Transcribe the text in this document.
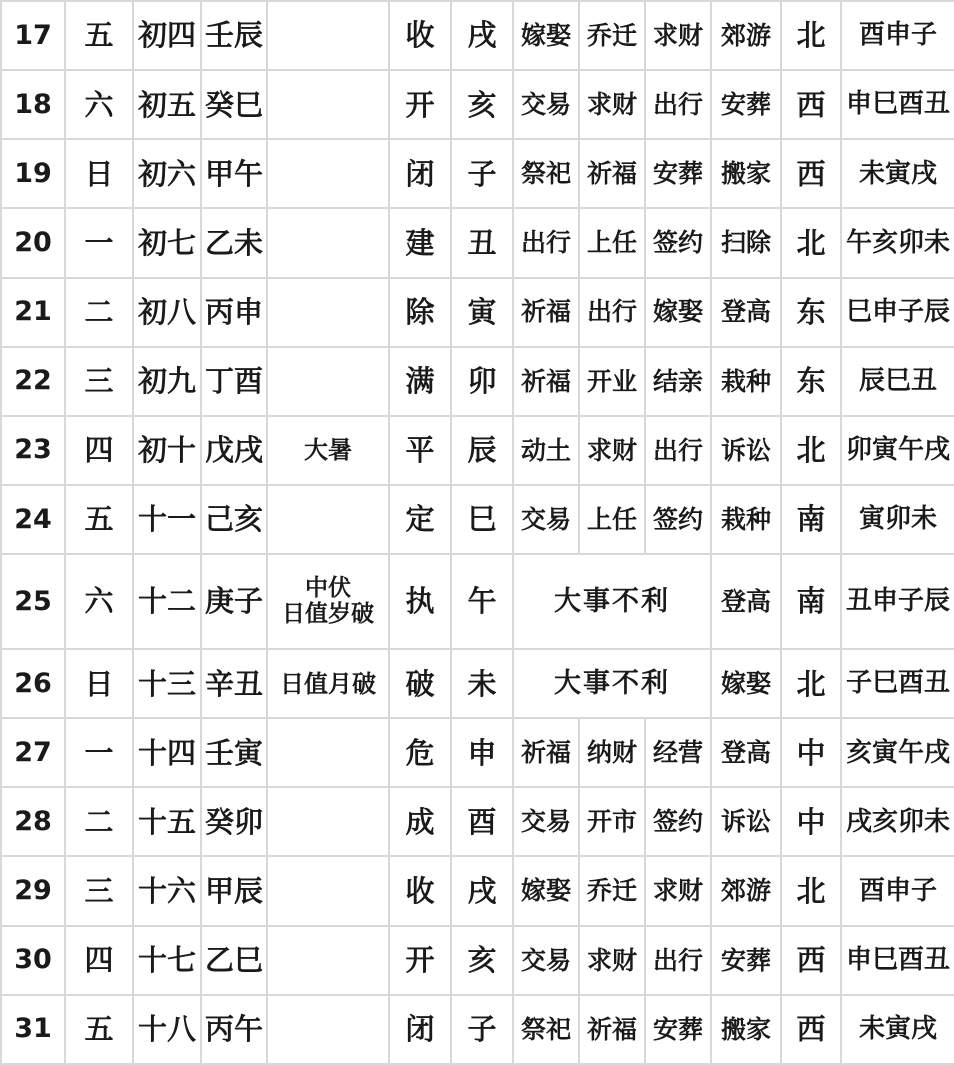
17	五	初四	壬辰		收	戌	嫁娶	乔迁	求财	郊游	北	酉申子
18	六	初五	癸巳		开	亥	交易	求财	出行	安葬	西	申巳酉丑
19	日	初六	甲午		闭	子	祭祀	祈福	安葬	搬家	西	未寅戌
20	一	初七	乙未		建	丑	出行	上任	签约	扫除	北	午亥卯未
21	二	初八	丙申		除	寅	祈福	出行	嫁娶	登高	东	巳申子辰
22	三	初九	丁酉		满	卯	祈福	开业	结亲	栽种	东	辰巳丑
23	四	初十	戊戌	大暑	平	辰	动土	求财	出行	诉讼	北	卯寅午戌
24	五	十一	己亥		定	巳	交易	上任	签约	栽种	南	寅卯未
25	六	十二	庚子	中伏
日值岁破	执	午	大事不利			登高	南	丑申子辰
26	日	十三	辛丑	日值月破	破	未	大事不利			嫁娶	北	子巳酉丑
27	一	十四	壬寅		危	申	祈福	纳财	经营	登高	中	亥寅午戌
28	二	十五	癸卯		成	酉	交易	开市	签约	诉讼	中	戌亥卯未
29	三	十六	甲辰		收	戌	嫁娶	乔迁	求财	郊游	北	酉申子
30	四	十七	乙巳		开	亥	交易	求财	出行	安葬	西	申巳酉丑
31	五	十八	丙午		闭	子	祭祀	祈福	安葬	搬家	西	未寅戌
